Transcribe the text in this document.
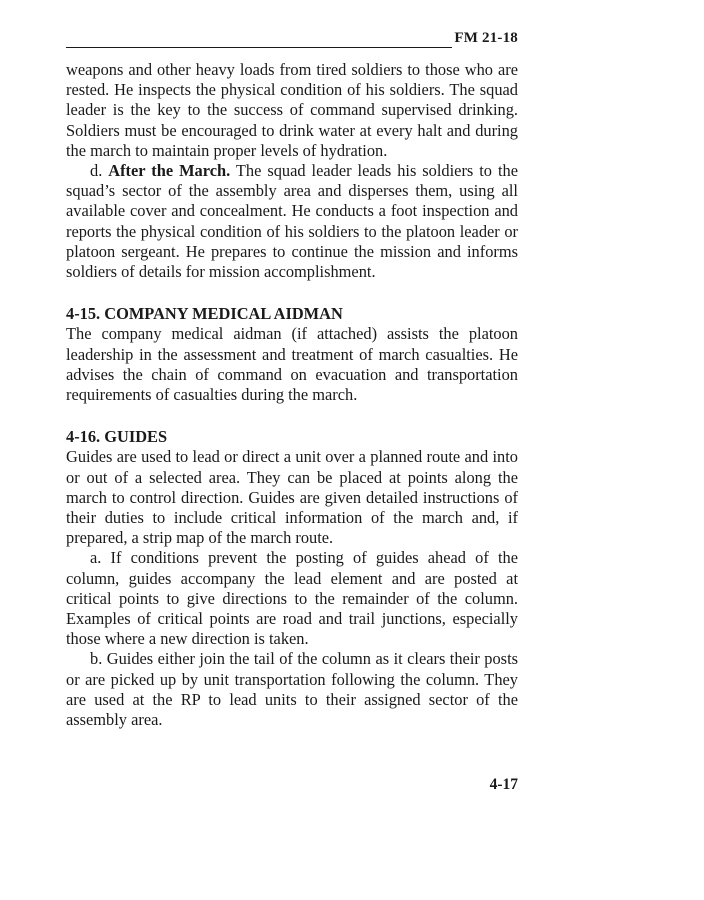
FM 21-18

weapons and other heavy loads from tired soldiers to those who are rested. He inspects the physical condition of his soldiers. The squad leader is the key to the success of command supervised drinking. Soldiers must be encouraged to drink water at every halt and during the march to maintain proper levels of hydration.

d. After the March. The squad leader leads his soldiers to the squad’s sector of the assembly area and disperses them, using all available cover and concealment. He conducts a foot inspection and reports the physical condition of his soldiers to the platoon leader or platoon sergeant. He prepares to continue the mission and informs soldiers of details for mission accomplishment.

4-15. COMPANY MEDICAL AIDMAN

The company medical aidman (if attached) assists the platoon leadership in the assessment and treatment of march casualties. He advises the chain of command on evacuation and transportation requirements of casualties during the march.

4-16. GUIDES

Guides are used to lead or direct a unit over a planned route and into or out of a selected area. They can be placed at points along the march to control direction. Guides are given detailed instructions of their duties to include critical information of the march and, if prepared, a strip map of the march route.

a. If conditions prevent the posting of guides ahead of the column, guides accompany the lead element and are posted at critical points to give directions to the remainder of the column. Examples of critical points are road and trail junctions, especially those where a new direction is taken.

b. Guides either join the tail of the column as it clears their posts or are picked up by unit transportation following the column. They are used at the RP to lead units to their assigned sector of the assembly area.

4-17
